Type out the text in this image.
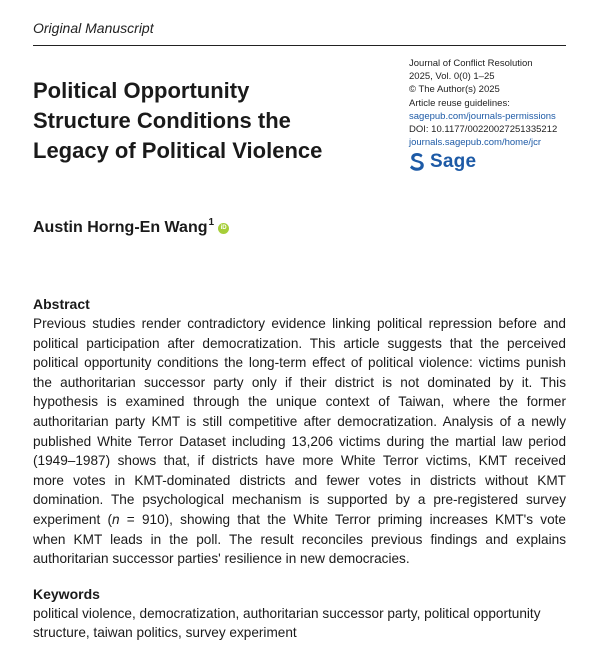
Original Manuscript
Political Opportunity
Structure Conditions the
Legacy of Political Violence
Journal of Conflict Resolution
2025, Vol. 0(0) 1–25
© The Author(s) 2025
Article reuse guidelines:
sagepub.com/journals-permissions
DOI: 10.1177/00220027251335212
journals.sagepub.com/home/jcr
Sage
Austin Horng-En Wang$^1$	iD
Abstract
Previous studies render contradictory evidence linking political repression before and
political participation after democratization. This article suggests that the perceived
political opportunity conditions the long-term effect of political violence: victims punish
the authoritarian successor party only if their district is not dominated by it. This
hypothesis is examined through the unique context of Taiwan, where the former
authoritarian party KMT is still competitive after democratization. Analysis of a newly
published White Terror Dataset including 13,206 victims during the martial law period
(1949–1987) shows that, if districts have more White Terror victims, KMT received
more votes in KMT-dominated districts and fewer votes in districts without KMT
domination. The psychological mechanism is supported by a pre-registered survey
experiment (n = 910), showing that the White Terror priming increases KMT's vote
when KMT leads in the poll. The result reconciles previous findings and explains
authoritarian successor parties' resilience in new democracies.
Keywords
political violence, democratization, authoritarian successor party, political opportunity
structure, taiwan politics, survey experiment
